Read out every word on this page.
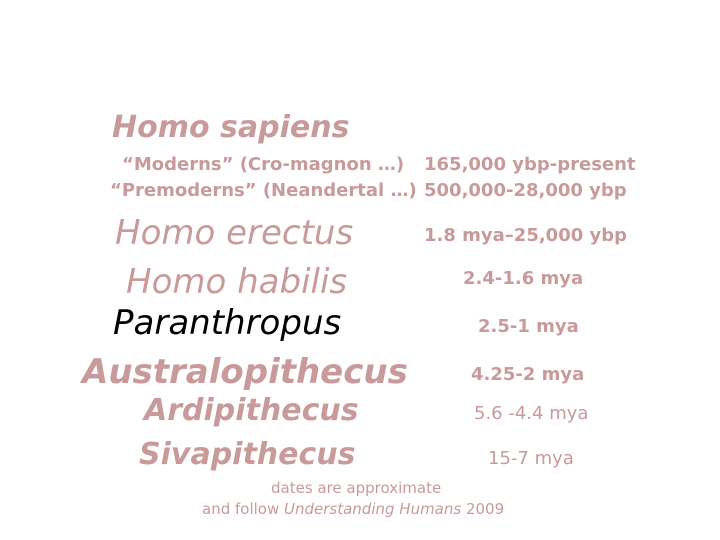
Homo sapiens
“Moderns” (Cro-magnon …) 165,000 ybp-present
“Premoderns” (Neandertal …) 500,000-28,000 ybp
Homo erectus	1.8 mya–25,000 ybp
Homo habilis	2.4-1.6 mya
Paranthropus	2.5-1 mya
Australopithecus	4.25-2 mya
Ardipithecus	5.6 -4.4 mya
Sivapithecus	15-7 mya
dates are approximate
and follow Understanding Humans 2009
